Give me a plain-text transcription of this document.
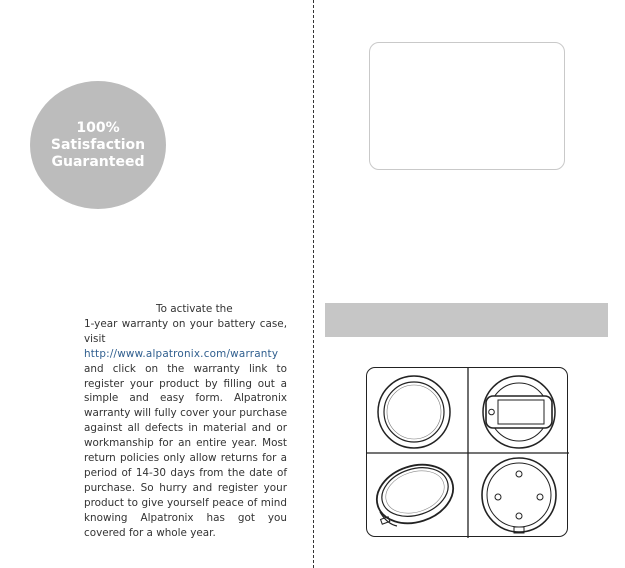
100%
Satisfaction
Guaranteed
To activate the
1-year warranty on your battery case, visit http://www.alpatronix.com/warranty and click on the warranty link to register your product by filling out a simple and easy form. Alpatronix warranty will fully cover your purchase against all defects in material and or workmanship for an entire year. Most return policies only allow returns for a period of 14-30 days from the date of purchase. So hurry and register your product to give yourself peace of mind knowing Alpatronix has got you covered for a whole year.
